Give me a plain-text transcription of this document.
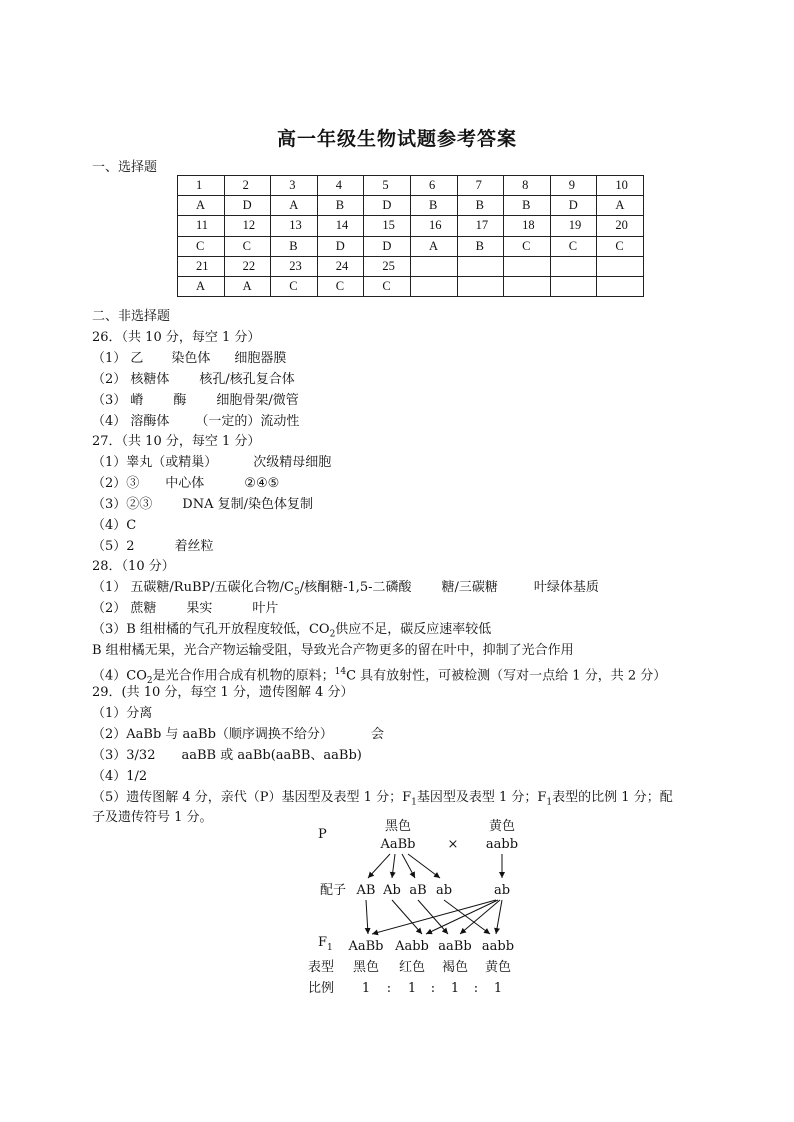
高一年级生物试题参考答案
一、选择题
1	2	3	4	5	6	7	8	9	10
A	D	A	B	D	B	B	B	D	A
11	12	13	14	15	16	17	18	19	20
C	C	B	D	D	A	B	C	C	C
21	22	23	24	25					
A	A	C	C	C					
二、非选择题
26．（共 10 分，每空 1 分）
（1） 乙 染色体 细胞器膜
（2） 核糖体 核孔/核孔复合体
（3） 嵴 酶 细胞骨架/微管
（4） 溶酶体 （一定的）流动性
27．（共 10 分，每空 1 分）
（1）睾丸（或精巢）	次级精母细胞
（2）③ 中心体	②④⑤
（3）②③ DNA 复制/染色体复制
（4）C
（5）2	着丝粒
28．（10 分）
（1） 五碳糖/RuBP/五碳化合物$/C_5/$核酮糖-1,5-二磷酸 糖/三碳糖	叶绿体基质
（2） 蔗糖 果实	叶片
（3）B 组柑橘的气孔开放程度较低，$CO_2$供应不足，碳反应速率较低
B 组柑橘无果，光合产物运输受阻，导致光合产物更多的留在叶中，抑制了光合作用
$(4)CO_2$是光合作用合成有机物的原料；$^{14}$C 具有放射性，可被检测（写对一点给 1 分，共 2 分）
29．(共 10 分，每空 1 分，遗传图解 4 分）
（1）分离
（2）AaBb 与 aaBb（顺序调换不给分）	会
（3）3/32 aaBB 或 aaBb(aaBB、aaBb)
（4）1/2
（5）遗传图解 4 分，亲代（P）基因型及表型 1 分；$F_1$基因型及表型 1 分；$F_1$表型的比例 1 分；配
子及遗传符号 1 分。
P
黑色
AaBb ×
黄色
aabb
配子 AB Ab aB ab	ab
$F_1$ AaBb Aabb aaBb aabb
表型 黑色 红色 褐色 黄色
比例 1 : 1 : 1 : 1
